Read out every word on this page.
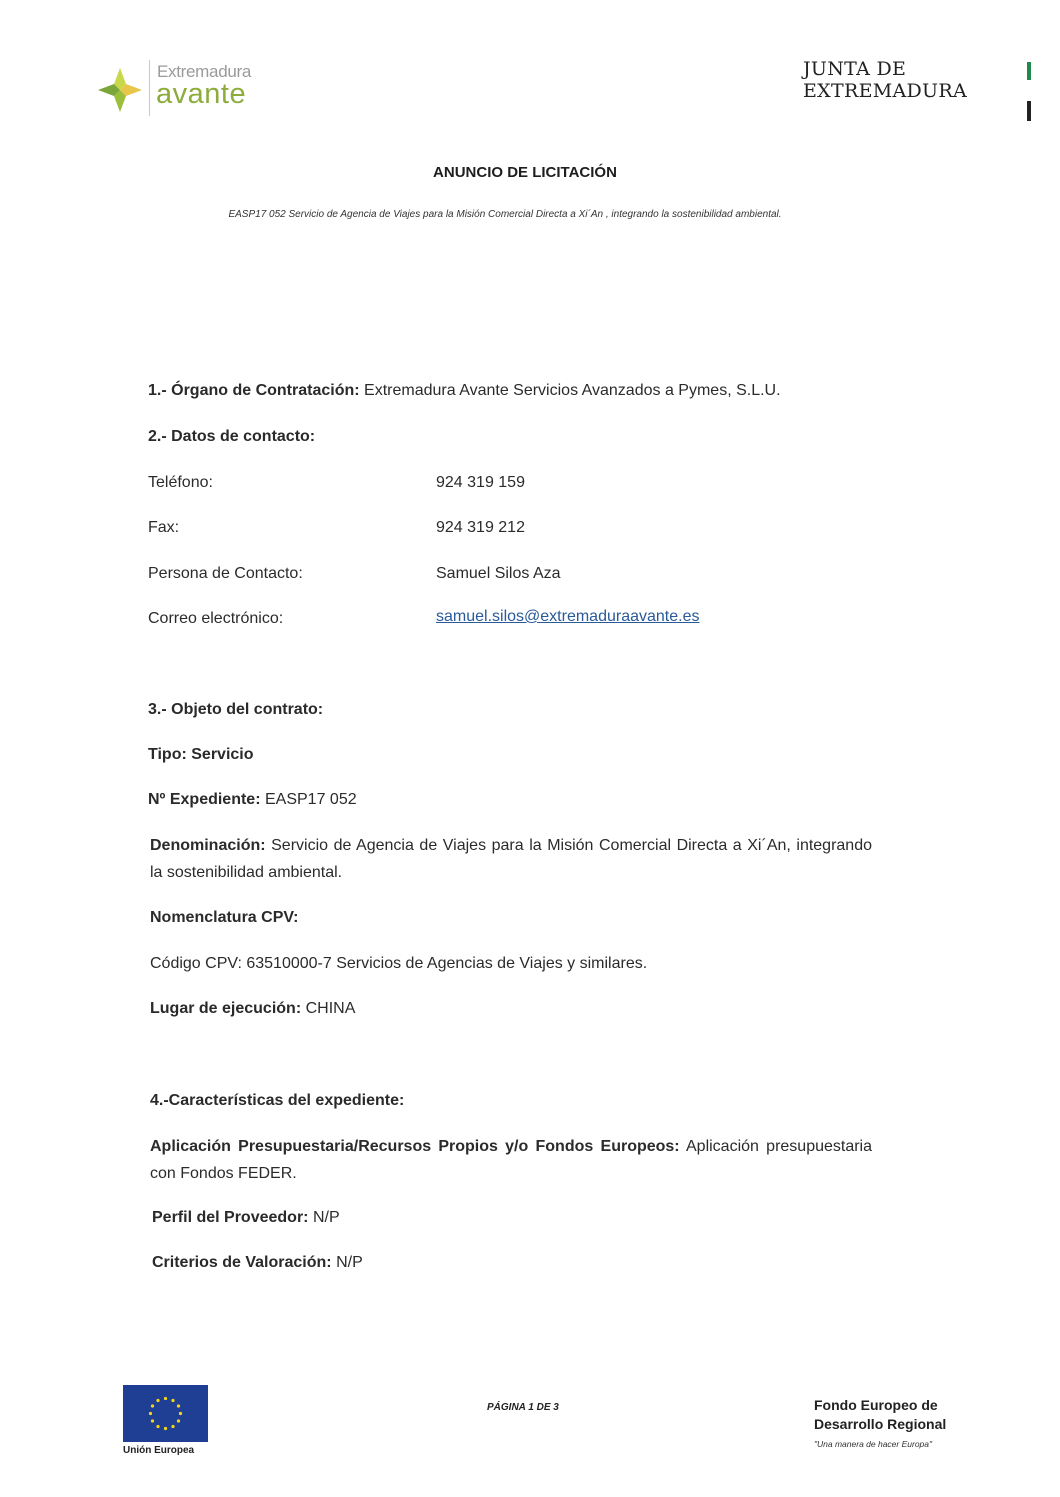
Extremadura
avante
JUNTA DE EXTREMADURA
ANUNCIO DE LICITACIÓN
EASP17 052 Servicio de Agencia de Viajes para la Misión Comercial Directa a Xi´An , integrando la sostenibilidad ambiental.
1.- Órgano de Contratación: Extremadura Avante Servicios Avanzados a Pymes, S.L.U.
2.- Datos de contacto:
Teléfono:	924 319 159
Fax:	924 319 212
Persona de Contacto:	Samuel Silos Aza
Correo electrónico:	samuel.silos@extremaduraavante.es
3.- Objeto del contrato:
Tipo: Servicio
Nº Expediente: EASP17 052
Denominación: Servicio de Agencia de Viajes para la Misión Comercial Directa a Xi´An, integrando la sostenibilidad ambiental.
Nomenclatura CPV:
Código CPV: 63510000-7 Servicios de Agencias de Viajes y similares.
Lugar de ejecución: CHINA
4.-Características del expediente:
Aplicación Presupuestaria/Recursos Propios y/o Fondos Europeos: Aplicación presupuestaria con Fondos FEDER.
Perfil del Proveedor: N/P
Criterios de Valoración: N/P
Unión Europea
PÁGINA 1 DE 3	Fondo Europeo de
Desarrollo Regional
"Una manera de hacer Europa"
